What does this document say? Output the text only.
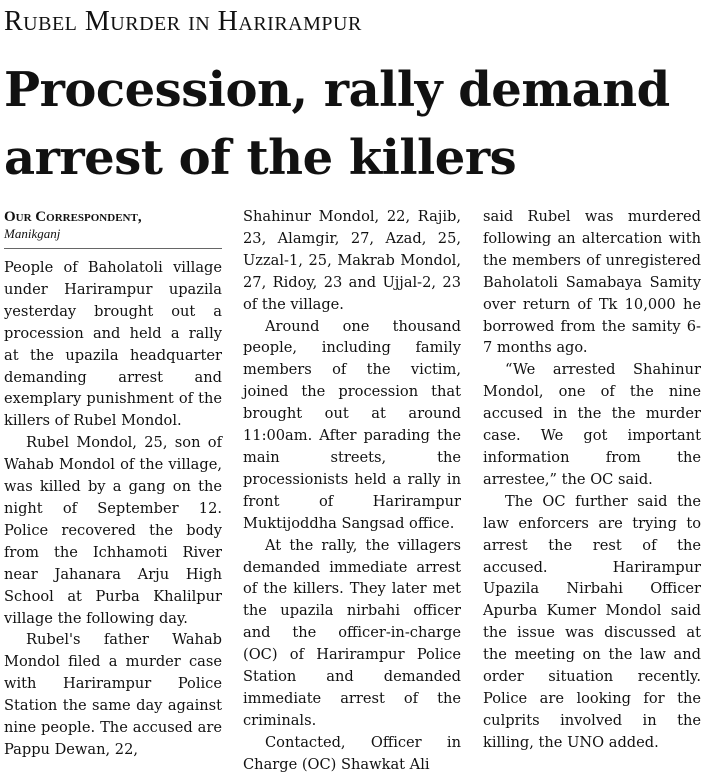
Rubel Murder in Harirampur
Procession, rally demand
arrest of the killers
Our Correspondent,
Manikganj

People of Baholatoli village under Harirampur upazila yesterday brought out a procession and held a rally at the upazila headquarter demanding arrest and exemplary punishment of the killers of Rubel Mondol.

Rubel Mondol, 25, son of Wahab Mondol of the village, was killed by a gang on the night of September 12. Police recovered the body from the Ichhamoti River near Jahanara Arju High School at Purba Khalilpur village the following day.

Rubel's father Wahab Mondol filed a murder case with Harirampur Police Station the same day against nine people. The accused are Pappu Dewan, 22,

Shahinur Mondol, 22, Rajib, 23, Alamgir, 27, Azad, 25, Uzzal-1, 25, Makrab Mondol, 27, Ridoy, 23 and Ujjal-2, 23 of the village.

Around one thousand people, including family members of the victim, joined the procession that brought out at around 11:00am. After parading the main streets, the processionists held a rally in front of Harirampur Muktijoddha Sangsad office.

At the rally, the villagers demanded immediate arrest of the killers. They later met the upazila nirbahi officer and the officer-in-charge (OC) of Harirampur Police Station and demanded immediate arrest of the criminals.

Contacted, Officer in Charge (OC) Shawkat Ali

said Rubel was murdered following an altercation with the members of unregistered Baholatoli Samabaya Samity over return of Tk 10,000 he borrowed from the samity 6-7 months ago.

“We arrested Shahinur Mondol, one of the nine accused in the the murder case. We got important information from the arrestee,” the OC said.

The OC further said the law enforcers are trying to arrest the rest of the accused. Harirampur Upazila Nirbahi Officer Apurba Kumer Mondol said the issue was discussed at the meeting on the law and order situation recently. Police are looking for the culprits involved in the killing, the UNO added.
